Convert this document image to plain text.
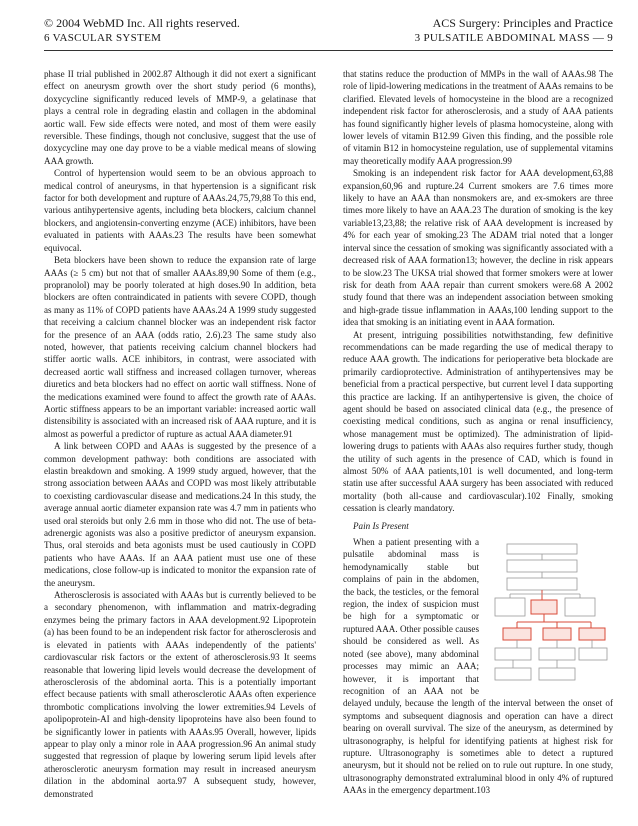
© 2004 WebMD Inc. All rights reserved.
6 VASCULAR SYSTEM
ACS Surgery: Principles and Practice
3 PULSATILE ABDOMINAL MASS — 9

phase II trial published in 2002.87 Although it did not exert a significant effect on aneurysm growth over the short study period (6 months), doxycycline significantly reduced levels of MMP-9, a gelatinase that plays a central role in degrading elastin and collagen in the abdominal aortic wall. Few side effects were noted, and most of them were easily reversible. These findings, though not conclusive, suggest that the use of doxycycline may one day prove to be a viable medical means of slowing AAA growth.

Control of hypertension would seem to be an obvious approach to medical control of aneurysms, in that hypertension is a significant risk factor for both development and rupture of AAAs.24,75,79,88 To this end, various antihypertensive agents, including beta blockers, calcium channel blockers, and angiotensin-converting enzyme (ACE) inhibitors, have been evaluated in patients with AAAs.23 The results have been somewhat equivocal.

Beta blockers have been shown to reduce the expansion rate of large AAAs (≥ 5 cm) but not that of smaller AAAs.89,90 Some of them (e.g., propranolol) may be poorly tolerated at high doses.90 In addition, beta blockers are often contraindicated in patients with severe COPD, though as many as 11% of COPD patients have AAAs.24 A 1999 study suggested that receiving a calcium channel blocker was an independent risk factor for the presence of an AAA (odds ratio, 2.6).23 The same study also noted, however, that patients receiving calcium channel blockers had stiffer aortic walls. ACE inhibitors, in contrast, were associated with decreased aortic wall stiffness and increased collagen turnover, whereas diuretics and beta blockers had no effect on aortic wall stiffness. None of the medications examined were found to affect the growth rate of AAAs. Aortic stiffness appears to be an important variable: increased aortic wall distensibility is associated with an increased risk of AAA rupture, and it is almost as powerful a predictor of rupture as actual AAA diameter.91

A link between COPD and AAAs is suggested by the presence of a common development pathway: both conditions are associated with elastin breakdown and smoking. A 1999 study argued, however, that the strong association between AAAs and COPD was most likely attributable to coexisting cardiovascular disease and medications.24 In this study, the average annual aortic diameter expansion rate was 4.7 mm in patients who used oral steroids but only 2.6 mm in those who did not. The use of beta-adrenergic agonists was also a positive predictor of aneurysm expansion. Thus, oral steroids and beta agonists must be used cautiously in COPD patients who have AAAs. If an AAA patient must use one of these medications, close follow-up is indicated to monitor the expansion rate of the aneurysm.

Atherosclerosis is associated with AAAs but is currently believed to be a secondary phenomenon, with inflammation and matrix-degrading enzymes being the primary factors in AAA development.92 Lipoprotein (a) has been found to be an independent risk factor for atherosclerosis and is elevated in patients with AAAs independently of the patients' cardiovascular risk factors or the extent of atherosclerosis.93 It seems reasonable that lowering lipid levels would decrease the development of atherosclerosis of the abdominal aorta. This is a potentially important effect because patients with small atherosclerotic AAAs often experience thrombotic complications involving the lower extremities.94 Levels of apolipoprotein-AI and high-density lipoproteins have also been found to be significantly lower in patients with AAAs.95 Overall, however, lipids appear to play only a minor role in AAA progression.96 An animal study suggested that regression of plaque by lowering serum lipid levels after atherosclerotic aneurysm formation may result in increased aneurysm dilation in the abdominal aorta.97 A subsequent study, however, demonstrated

that statins reduce the production of MMPs in the wall of AAAs.98 The role of lipid-lowering medications in the treatment of AAAs remains to be clarified. Elevated levels of homocysteine in the blood are a recognized independent risk factor for atherosclerosis, and a study of AAA patients has found significantly higher levels of plasma homocysteine, along with lower levels of vitamin B12.99 Given this finding, and the possible role of vitamin B12 in homocysteine regulation, use of supplemental vitamins may theoretically modify AAA progression.99

Smoking is an independent risk factor for AAA development,63,88 expansion,60,96 and rupture.24 Current smokers are 7.6 times more likely to have an AAA than nonsmokers are, and ex-smokers are three times more likely to have an AAA.23 The duration of smoking is the key variable13,23,88; the relative risk of AAA development is increased by 4% for each year of smoking.23 The ADAM trial noted that a longer interval since the cessation of smoking was significantly associated with a decreased risk of AAA formation13; however, the decline in risk appears to be slow.23 The UKSA trial showed that former smokers were at lower risk for death from AAA repair than current smokers were.68 A 2002 study found that there was an independent association between smoking and high-grade tissue inflammation in AAAs,100 lending support to the idea that smoking is an initiating event in AAA formation.

At present, intriguing possibilities notwithstanding, few definitive recommendations can be made regarding the use of medical therapy to reduce AAA growth. The indications for perioperative beta blockade are primarily cardioprotective. Administration of antihypertensives may be beneficial from a practical perspective, but current level I data supporting this practice are lacking. If an antihypertensive is given, the choice of agent should be based on associated clinical data (e.g., the presence of coexisting medical conditions, such as angina or renal insufficiency, whose management must be optimized). The administration of lipid-lowering drugs to patients with AAAs also requires further study, though the utility of such agents in the presence of CAD, which is found in almost 50% of AAA patients,101 is well documented, and long-term statin use after successful AAA surgery has been associated with reduced mortality (both all-cause and cardiovascular).102 Finally, smoking cessation is clearly mandatory.

Pain Is Present

When a patient presenting with a pulsatile abdominal mass is hemodynamically stable but complains of pain in the abdomen, the back, the testicles, or the femoral region, the index of suspicion must be high for a symptomatic or ruptured AAA. Other possible causes should be considered as well. As noted (see above), many abdominal processes may mimic an AAA; however, it is important that recognition of an AAA not be delayed unduly, because the length of the interval between the onset of symptoms and subsequent diagnosis and operation can have a direct bearing on overall survival. The size of the aneurysm, as determined by ultrasonography, is helpful for identifying patients at highest risk for rupture. Ultrasonography is sometimes able to detect a ruptured aneurysm, but it should not be relied on to rule out rupture. In one study, ultrasonography demonstrated extraluminal blood in only 4% of ruptured AAAs in the emergency department.103
